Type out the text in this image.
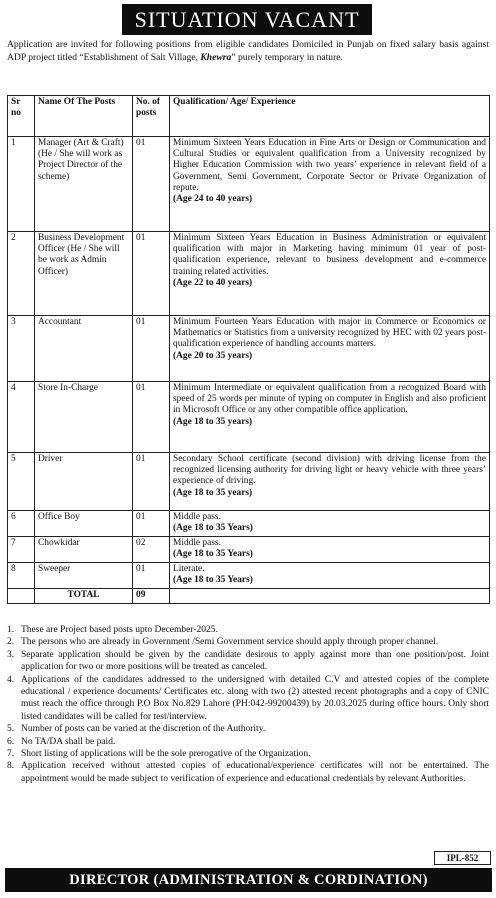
SITUATION VACANT

Application are invited for following positions from eligible candidates Domiciled in Punjab on fixed salary basis against ADP project titled “Establishment of Salt Village, Khewra” purely temporary in nature.

Sr no	Name Of The Posts	No. of posts	Qualification/ Age/ Experience
1	Manager (Art & Craft) (He / She will work as Project Director of the scheme)	01	Minimum Sixteen Years Education in Fine Arts or Design or Communication and Cultural Studies or equivalent qualification from a University recognized by Higher Education Commission with two years’ experience in relevant field of a Government, Semi Government, Corporate Sector or Private Organization of repute.
(Age 24 to 40 years)

2	Business Development Officer (He / She will be work as Admin Officer)	01	Minimum Sixteen Years Education in Business Administration or equivalent qualification with major in Marketing having minimum 01 year of post-qualification experience, relevant to business development and e-commerce training related activities.
(Age 22 to 40 years)

3	Accountant	01	Minimum Fourteen Years Education with major in Commerce or Economics or Mathematics or Statistics from a university recognized by HEC with 02 years post-qualification experience of handling accounts matters.
(Age 20 to 35 years)

4	Store In-Charge	01	Minimum Intermediate or equivalent qualification from a recognized Board with speed of 25 words per minute of typing on computer in English and also proficient in Microsoft Office or any other compatible office application.
(Age 18 to 35 years)

5	Driver	01	Secondary School certificate (second division) with driving license from the recognized licensing authority for driving light or heavy vehicle with three years’ experience of driving.
(Age 18 to 35 years)

6	Office Boy	01	Middle pass.
(Age 18 to 35 Years)

7	Chowkidar	02	Middle pass.
(Age 18 to 35 Years)

8	Sweeper	01	Literate.
(Age 18 to 35 Years)

	TOTAL	09	
1. These are Project based posts upto December-2025.
2. The persons who are already in Government /Semi Government service should apply through proper channel.
3. Separate application should be given by the candidate desirous to apply against more than one position/post. Joint application for two or more positions will be treated as canceled.
4. Applications of the candidates addressed to the undersigned with detailed C.V and attested copies of the complete educational / experience documents/ Certificates etc. along with two (2) attested recent photographs and a copy of CNIC must reach the office through P.O Box No.829 Lahore (PH:042-99200439) by 20.03.2025 during office hours. Only short listed candidates will be called for test/interview.
5. Number of posts can be varied at the discretion of the Authority.
6. No TA/DA shall be paid.
7. Short listing of applications will be the sole prerogative of the Organization.
8. Application received without attested copies of educational/experience certificates will not be entertained. The appointment would be made subject to verification of experience and educational credentials by relevant Authorities.
IPL-852
DIRECTOR (ADMINISTRATION & CORDINATION)
